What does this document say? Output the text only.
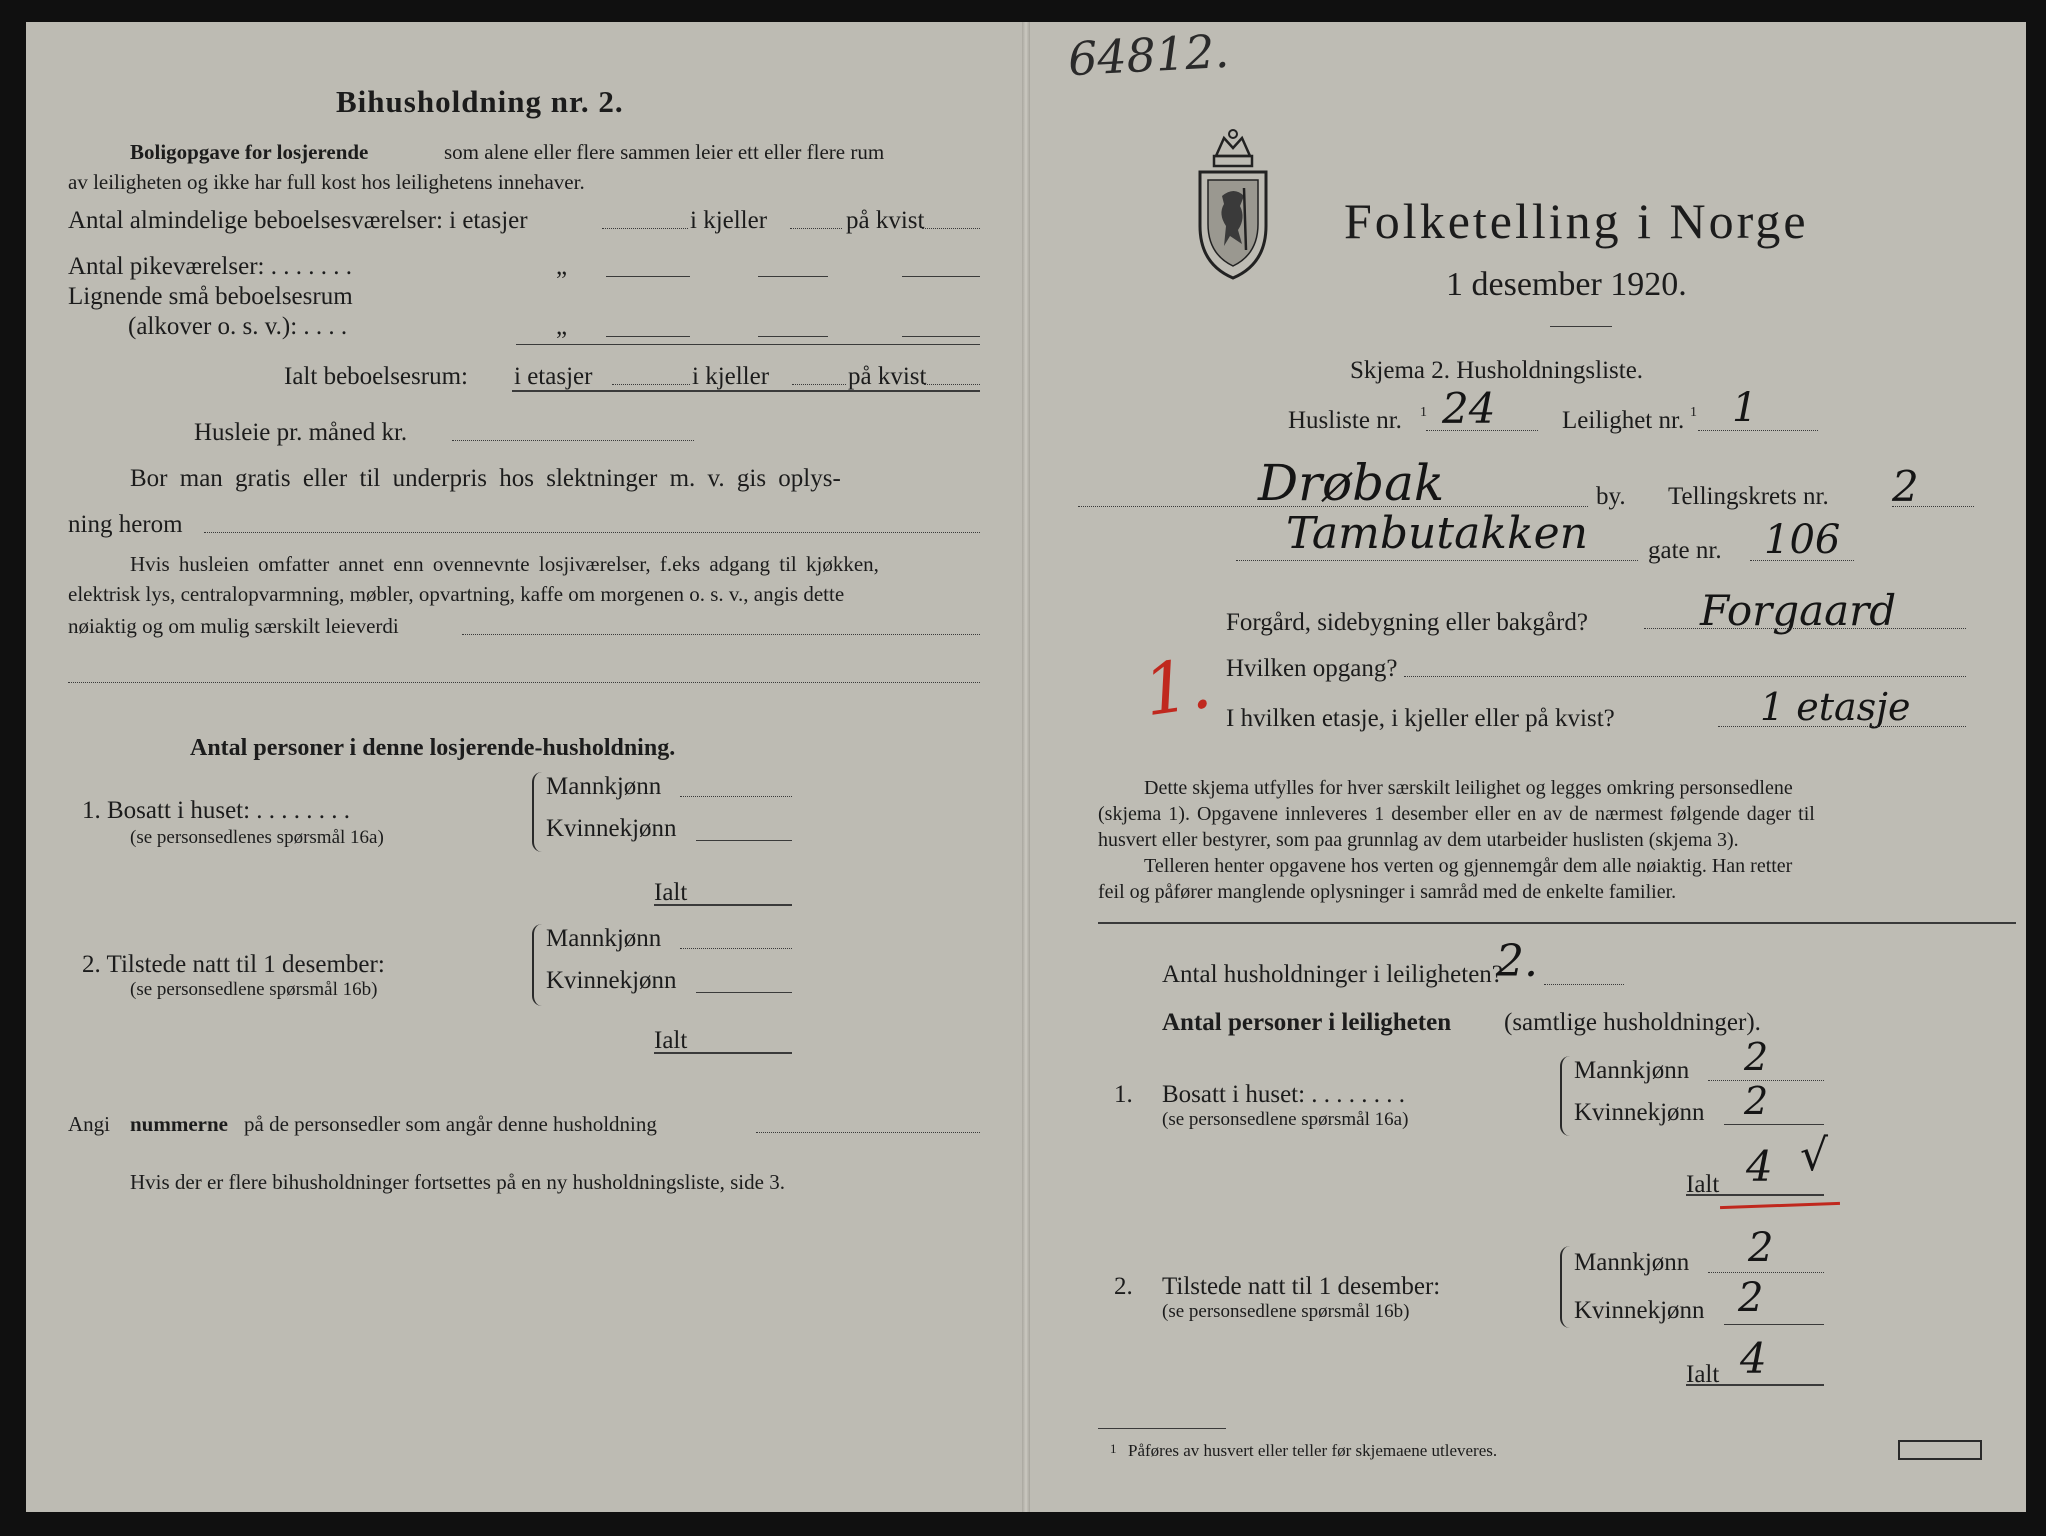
Bihusholdning nr. 2.
Boligopgave for losjerende	som alene eller flere sammen leier ett eller flere rum
av leiligheten og ikke har full kost hos leilighetens innehaver.
Antal almindelige beboelsesværelser: i etasjer	i kjeller	på kvist
Antal pikeværelser: . . . . . . .	„
Lignende små beboelsesrum
(alkover o. s. v.): . . . .	„
Ialt beboelsesrum: i etasjer	i kjeller	på kvist
Husleie pr. måned kr.
Bor man gratis eller til underpris hos slektninger m. v. gis oplys-
ning herom
Hvis husleien omfatter annet enn ovennevnte losjiværelser, f.eks adgang til kjøkken,
elektrisk lys, centralopvarmning, møbler, opvartning, kaffe om morgenen o. s. v., angis dette
nøiaktig og om mulig særskilt leieverdi
Antal personer i denne losjerende-husholdning.
1. Bosatt i huset: . . . . . . . .
(se personsedlenes spørsmål 16a)
Mannkjønn
Kvinnekjønn
Ialt
2. Tilstede natt til 1 desember:
(se personsedlene spørsmål 16b)
Mannkjønn
Kvinnekjønn
Ialt
Angi nummerne på de personsedler som angår denne husholdning
Hvis der er flere bihusholdninger fortsettes på en ny husholdningsliste, side 3.
64812.
Folketelling i Norge
1 desember 1920.
Skjema 2. Husholdningsliste.
Husliste nr. 1 24	Leilighet nr. 1 1
Drøbak	by. Tellingskrets nr. 2
Tambutakken gate nr. 106
Forgård, sidebygning eller bakgård?	Forgaard
Hvilken opgang?
1. I hvilken etasje, i kjeller eller på kvist?	1 etasje
Dette skjema utfylles for hver særskilt leilighet og legges omkring personsedlene
(skjema 1). Opgavene innleveres 1 desember eller en av de nærmest følgende dager til
husvert eller bestyrer, som paa grunnlag av dem utarbeider huslisten (skjema 3).
Telleren henter opgavene hos verten og gjennemgår dem alle nøiaktig. Han retter
feil og påfører manglende oplysninger i samråd med de enkelte familier.
Antal husholdninger i leiligheten?
2.
Antal personer i leiligheten (samtlige husholdninger).
1. Bosatt i huset: . . . . . . . .
(se personsedlene spørsmål 16a)
Mannkjønn 2
Kvinnekjønn 2
Ialt 4 √
2. Tilstede natt til 1 desember:
(se personsedlene spørsmål 16b)
Mannkjønn 2
Kvinnekjønn 2
Ialt 4
1 Påføres av husvert eller teller før skjemaene utleveres.
